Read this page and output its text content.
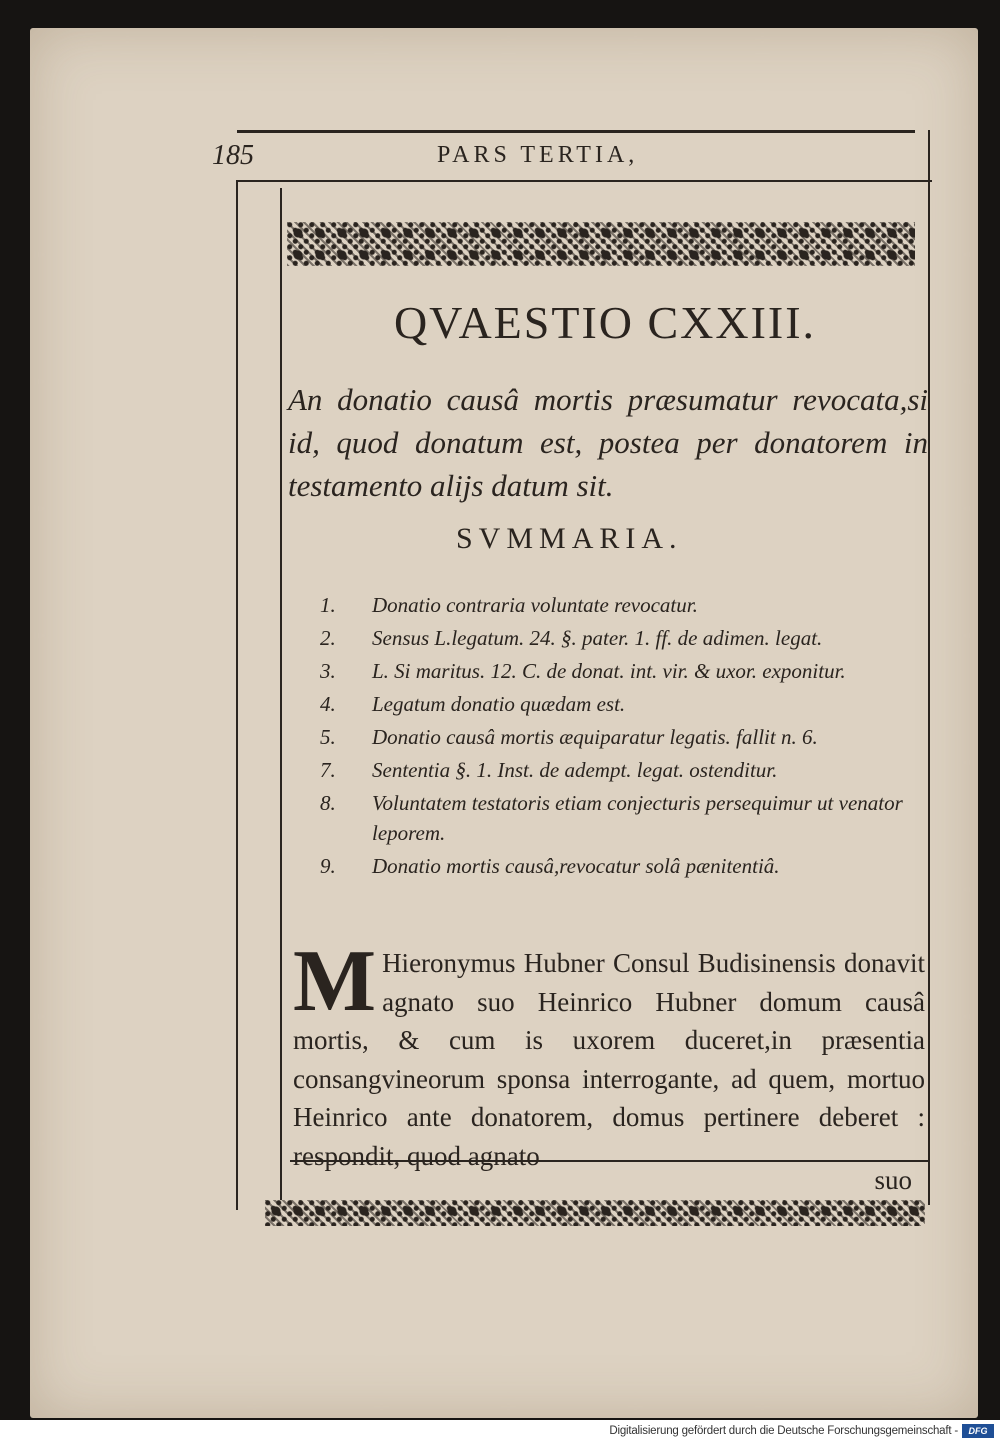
185	PARS TERTIA,
QVAESTIO CXXIII.
An donatio causâ mortis præsumatur revocata,si id, quod donatum est, postea per donatorem in testamento alijs datum sit.
SVMMARIA.
1.	Donatio contraria voluntate revocatur.
2.	Sensus L.legatum. 24. §. pater. 1. ff. de adimen. legat.
3.	L. Si maritus. 12. C. de donat. int. vir. & uxor. exponitur.
4.	Legatum donatio quædam est.
5.	Donatio causâ mortis æquiparatur legatis. fallit n. 6.
7.	Sententia §. 1. Inst. de adempt. legat. ostenditur.
8.	Voluntatem testatoris etiam conjecturis persequimur ut venator leporem.
9.	Donatio mortis causâ,revocatur solâ pænitentiâ.
M Hieronymus Hubner Consul Budisinensis donavit agnato suo Heinrico Hubner domum causâ mortis, & cum is uxorem duceret,in præsentia consangvineorum sponsa interrogante, ad quem, mortuo Heinrico ante donatorem, domus pertinere deberet : respondit, quod agnato
suo
Digitalisierung gefördert durch die Deutsche Forschungsgemeinschaft -	DFG
